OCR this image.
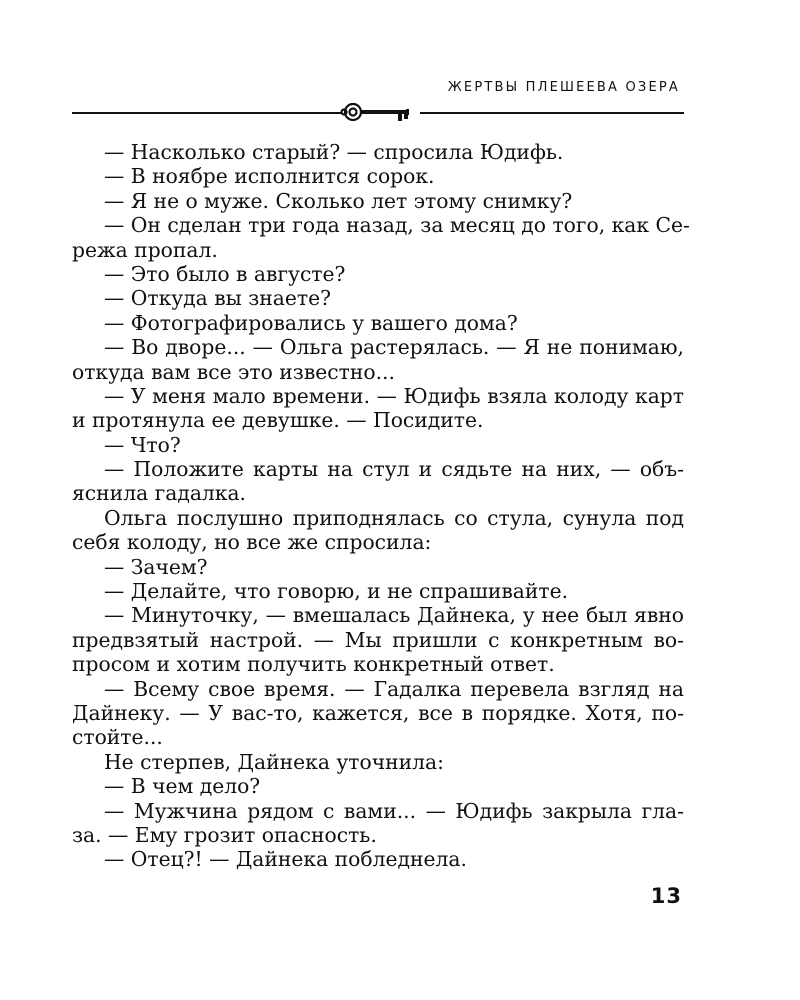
ЖЕРТВЫ ПЛЕШЕЕВА ОЗЕРА
— Насколько старый? — спросила Юдифь.
— В ноябре исполнится сорок.
— Я не о муже. Сколько лет этому снимку?
— Он сделан три года назад, за месяц до того, как Се-
режа пропал.
— Это было в августе?
— Откуда вы знаете?
— Фотографировались у вашего дома?
— Во дворе... — Ольга растерялась. — Я не понимаю,
откуда вам все это известно...
— У меня мало времени. — Юдифь взяла колоду карт
и протянула ее девушке. — Посидите.
— Что?
— Положите карты на стул и сядьте на них, — объ-
яснила гадалка.
Ольга послушно приподнялась со стула, сунула под
себя колоду, но все же спросила:
— Зачем?
— Делайте, что говорю, и не спрашивайте.
— Минуточку, — вмешалась Дайнека, у нее был явно
предвзятый настрой. — Мы пришли с конкретным во-
просом и хотим получить конкретный ответ.
— Всему свое время. — Гадалка перевела взгляд на
Дайнеку. — У вас-то, кажется, все в порядке. Хотя, по-
стойте...
Не стерпев, Дайнека уточнила:
— В чем дело?
— Мужчина рядом с вами... — Юдифь закрыла гла-
за. — Ему грозит опасность.
— Отец?! — Дайнека побледнела.
13
